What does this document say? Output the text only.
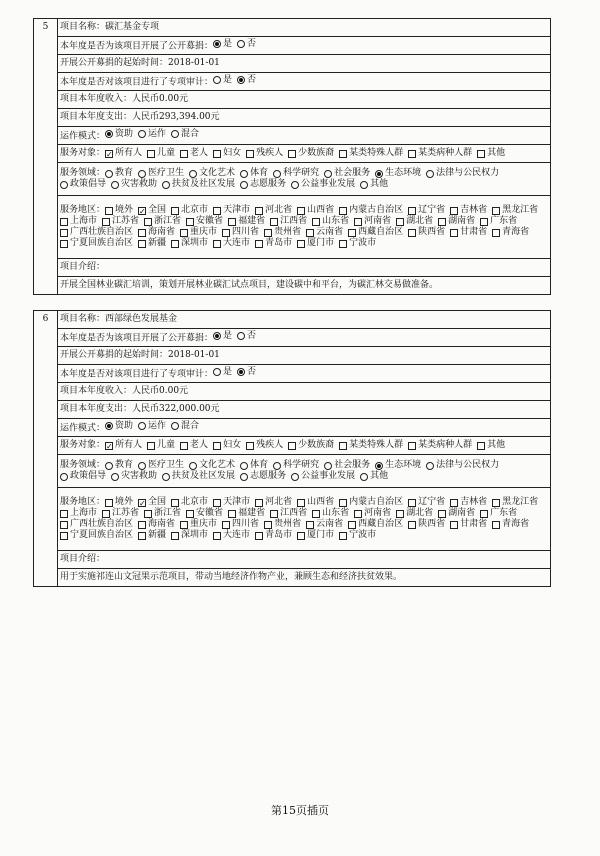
5	项目名称：碳汇基金专项
本年度是否为该项目开展了公开募捐： 是 否

开展公开募捐的起始时间：2018-01-01
本年度是否对该项目进行了专项审计： 是 否

项目本年度收入：人民币0.00元
项目本年度支出：人民币293,394.00元
运作模式： 资助 运作 混合

服务对象： ✓ 所有人 儿童 老人 妇女 残疾人 少数族裔 某类特殊人群 某类病种人群 其他

服务领域： 教育 医疗卫生 文化艺术 体育 科学研究 社会服务 生态环境 法律与公民权力
政策倡导 灾害救助 扶贫及社区发展 志愿服务 公益事业发展 其他

服务地区： 境外 ✓ 全国 北京市 天津市 河北省 山西省 内蒙古自治区 辽宁省 吉林省 黑龙江省
上海市 江苏省 浙江省 安徽省 福建省 江西省 山东省 河南省 湖北省 湖南省 广东省
广西壮族自治区 海南省 重庆市 四川省 贵州省 云南省 西藏自治区 陕西省 甘肃省 青海省
宁夏回族自治区 新疆 深圳市 大连市 青岛市 厦门市 宁波市

项目介绍：
开展全国林业碳汇培训，策划开展林业碳汇试点项目，建设碳中和平台，为碳汇林交易做准备。
6	项目名称：西部绿色发展基金
本年度是否为该项目开展了公开募捐： 是 否

开展公开募捐的起始时间：2018-01-01
本年度是否对该项目进行了专项审计： 是 否

项目本年度收入：人民币0.00元
项目本年度支出：人民币322,000.00元
运作模式： 资助 运作 混合

服务对象： ✓ 所有人 儿童 老人 妇女 残疾人 少数族裔 某类特殊人群 某类病种人群 其他

服务领域： 教育 医疗卫生 文化艺术 体育 科学研究 社会服务 生态环境 法律与公民权力
政策倡导 灾害救助 扶贫及社区发展 志愿服务 公益事业发展 其他

服务地区： 境外 ✓ 全国 北京市 天津市 河北省 山西省 内蒙古自治区 辽宁省 吉林省 黑龙江省
上海市 江苏省 浙江省 安徽省 福建省 江西省 山东省 河南省 湖北省 湖南省 广东省
广西壮族自治区 海南省 重庆市 四川省 贵州省 云南省 西藏自治区 陕西省 甘肃省 青海省
宁夏回族自治区 新疆 深圳市 大连市 青岛市 厦门市 宁波市

项目介绍：
用于实施祁连山文冠果示范项目，带动当地经济作物产业，兼顾生态和经济扶贫效果。
第15页插页
